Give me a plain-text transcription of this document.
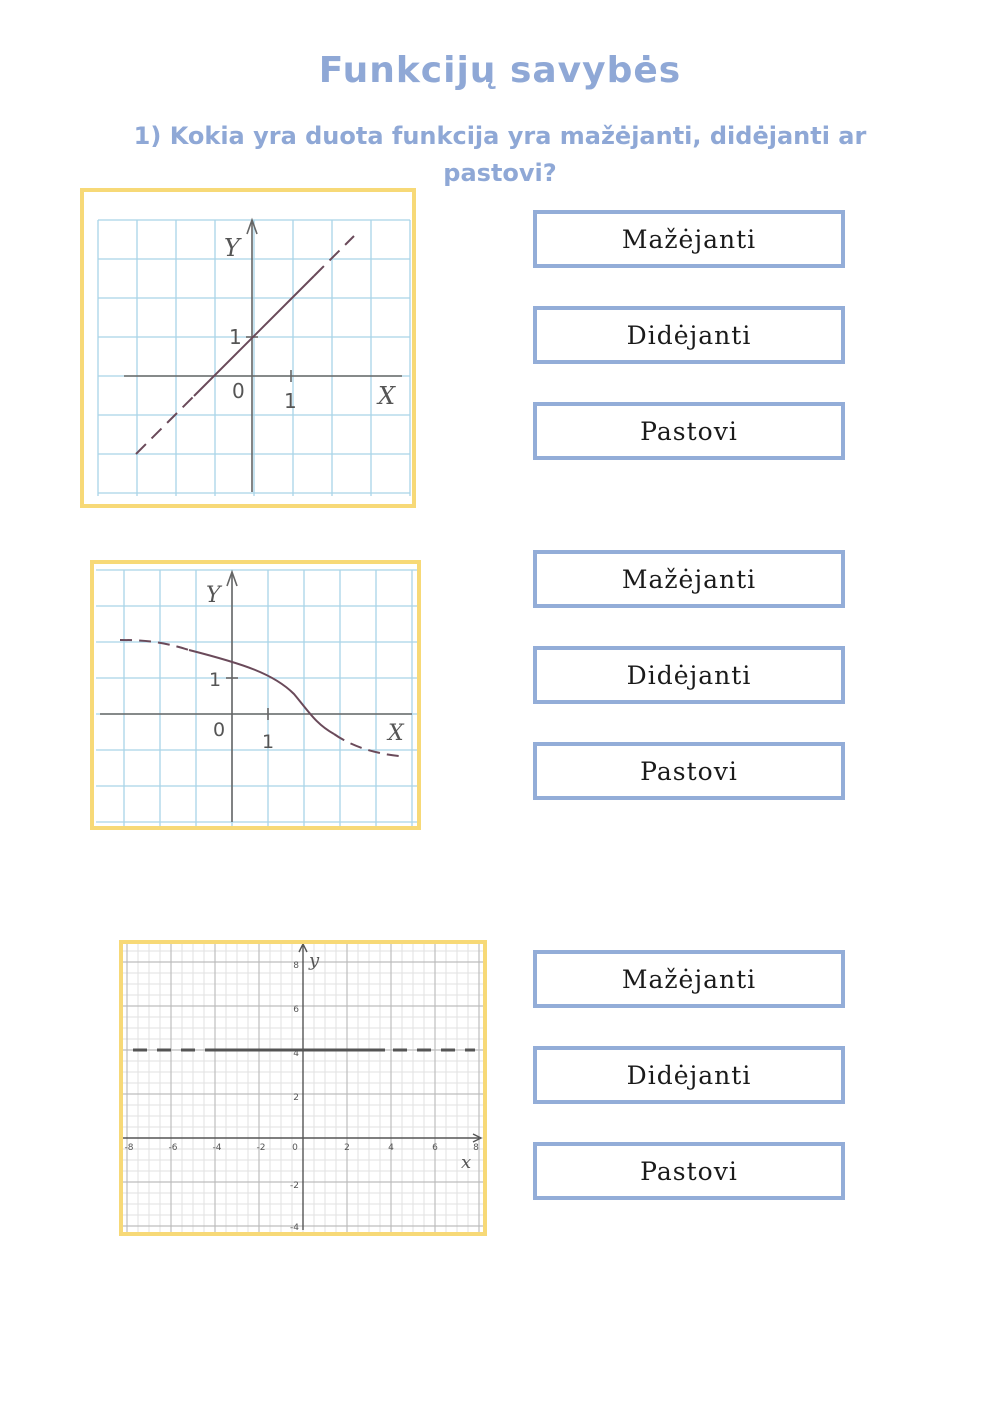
Funkcijų savybės
1) Kokia yra duota funkcija yra mažėjanti, didėjanti ar pastovi?
Y
X
0 1
1
Y
X
0
1
1
-8	-6	-4	-2	0	2	4	6	8
8
6
4
2
-2
-4
y
x
Mažėjanti
Didėjanti
Pastovi
Mažėjanti
Didėjanti
Pastovi
Mažėjanti
Didėjanti
Pastovi
